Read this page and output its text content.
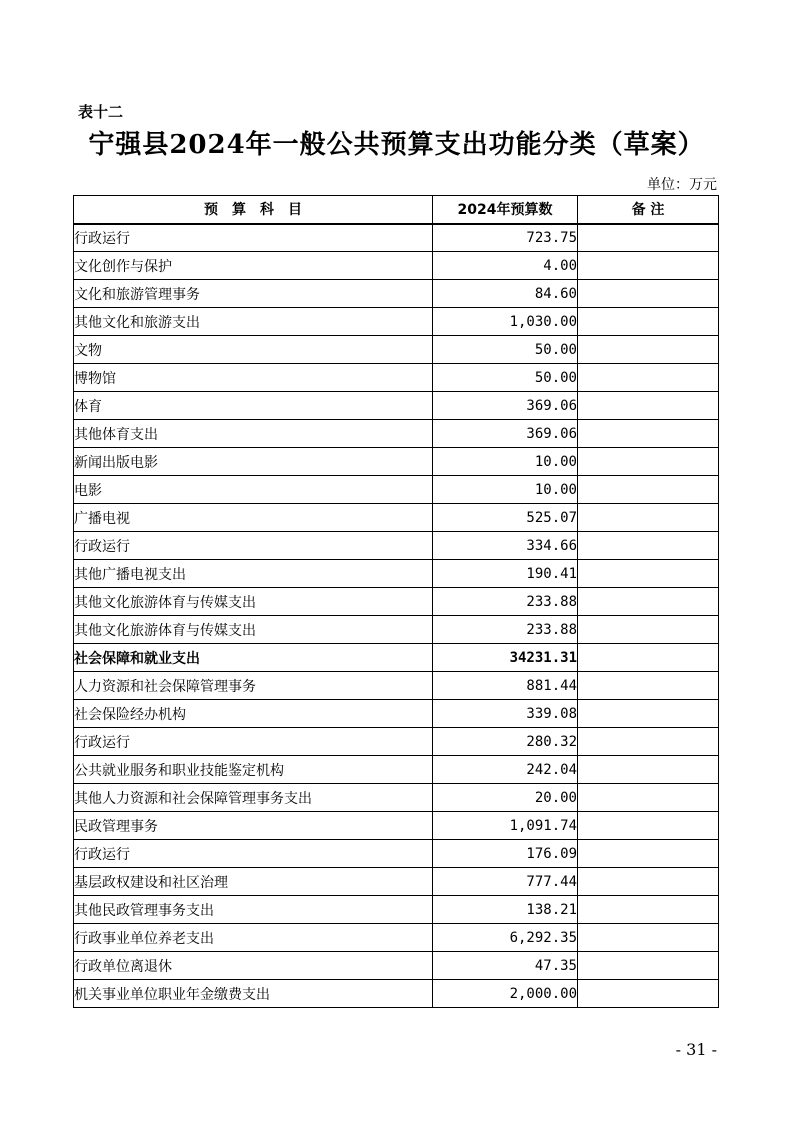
表十二
宁强县2024年一般公共预算支出功能分类（草案）
单位：万元
预　算　科　目	2024年预算数	备 注
行政运行	723.75	
文化创作与保护	4.00	
文化和旅游管理事务	84.60	
其他文化和旅游支出	1,030.00	
文物	50.00	
博物馆	50.00	
体育	369.06	
其他体育支出	369.06	
新闻出版电影	10.00	
电影	10.00	
广播电视	525.07	
行政运行	334.66	
其他广播电视支出	190.41	
其他文化旅游体育与传媒支出	233.88	
其他文化旅游体育与传媒支出	233.88	
社会保障和就业支出	34231.31	
人力资源和社会保障管理事务	881.44	
社会保险经办机构	339.08	
行政运行	280.32	
公共就业服务和职业技能鉴定机构	242.04	
其他人力资源和社会保障管理事务支出	20.00	
民政管理事务	1,091.74	
行政运行	176.09	
基层政权建设和社区治理	777.44	
其他民政管理事务支出	138.21	
行政事业单位养老支出	6,292.35	
行政单位离退休	47.35	
机关事业单位职业年金缴费支出	2,000.00	
- 31 -
